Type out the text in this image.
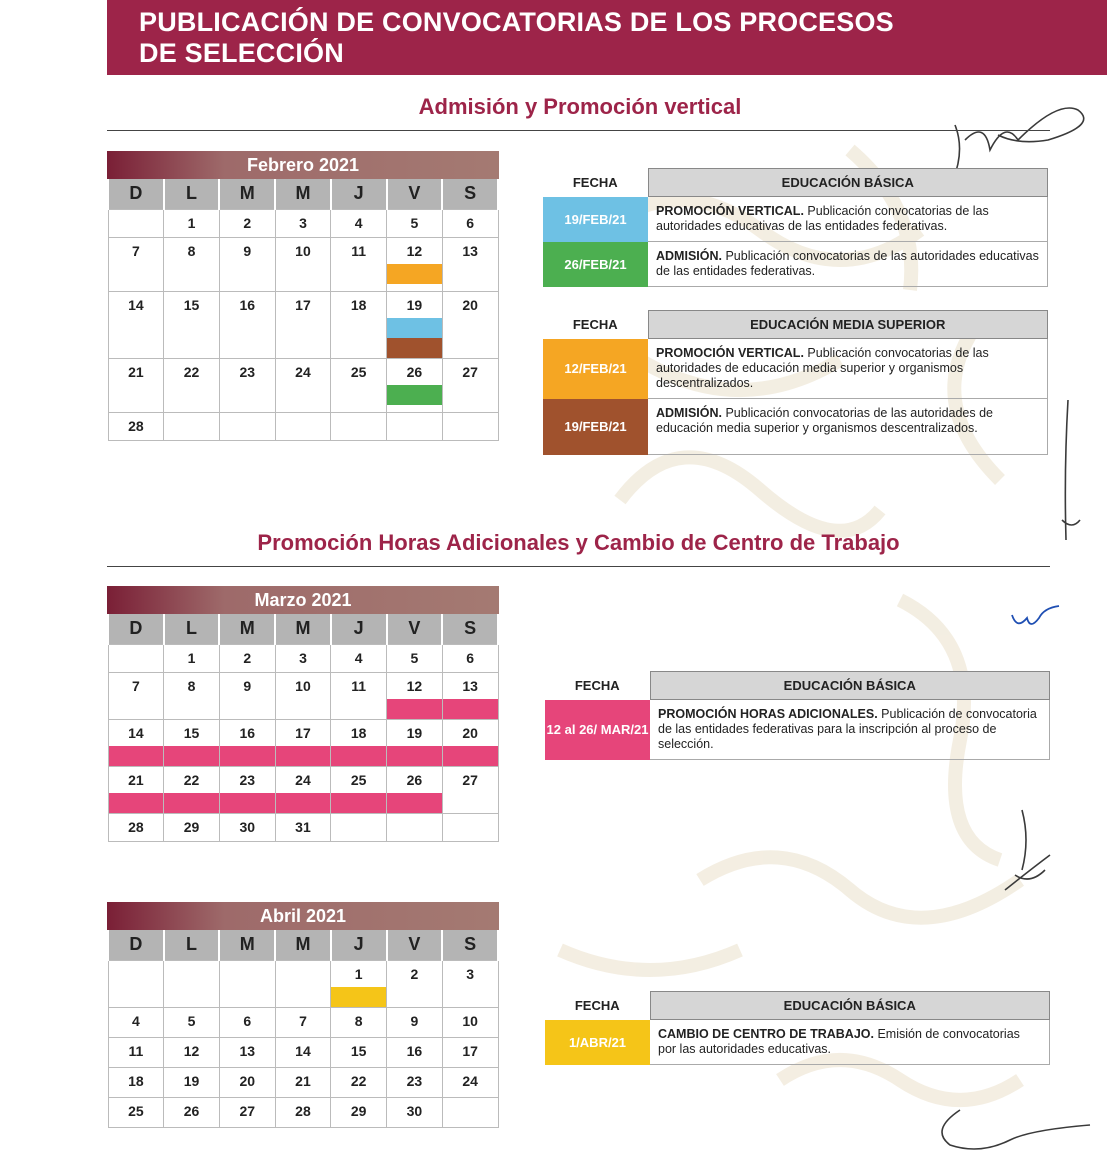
PUBLICACIÓN DE CONVOCATORIAS DE LOS PROCESOS
DE SELECCIÓN
Admisión y Promoción vertical
Febrero 2021
D	L	M	M	J	V	S

	1	2	3	4	5	6

7	8	9	10	11	12	13

14	15	16	17	18	19	20

21	22	23	24	25	26	27

28						

FECHA	EDUCACIÓN BÁSICA
19/FEB/21	PROMOCIÓN VERTICAL. Publicación convocatorias de las autoridades educativas de las entidades federativas.
26/FEB/21	ADMISIÓN. Publicación convocatorias de las autoridades educativas de las entidades federativas.
FECHA	EDUCACIÓN MEDIA SUPERIOR
12/FEB/21	PROMOCIÓN VERTICAL. Publicación convocatorias de las autoridades de educación media superior y organismos descentralizados.
19/FEB/21	ADMISIÓN. Publicación convocatorias de las autoridades de educación media superior y organismos descentralizados.
Promoción Horas Adicionales y Cambio de Centro de Trabajo
Marzo 2021
D	L	M	M	J	V	S

	1	2	3	4	5	6

7	8	9	10	11	12	13

14	15	16	17	18	19	20

21	22	23	24	25	26	27

28	29	30	31			

FECHA	EDUCACIÓN BÁSICA
12 al 26/ MAR/21	PROMOCIÓN HORAS ADICIONALES. Publicación de convocatoria de las entidades federativas para la inscripción al proceso de selección.
Abril 2021
D	L	M	M	J	V	S

				1	2	3

4	5	6	7	8	9	10

11	12	13	14	15	16	17

18	19	20	21	22	23	24

25	26	27	28	29	30	

FECHA	EDUCACIÓN BÁSICA
1/ABR/21	CAMBIO DE CENTRO DE TRABAJO. Emisión de convocatorias por las autoridades educativas.
